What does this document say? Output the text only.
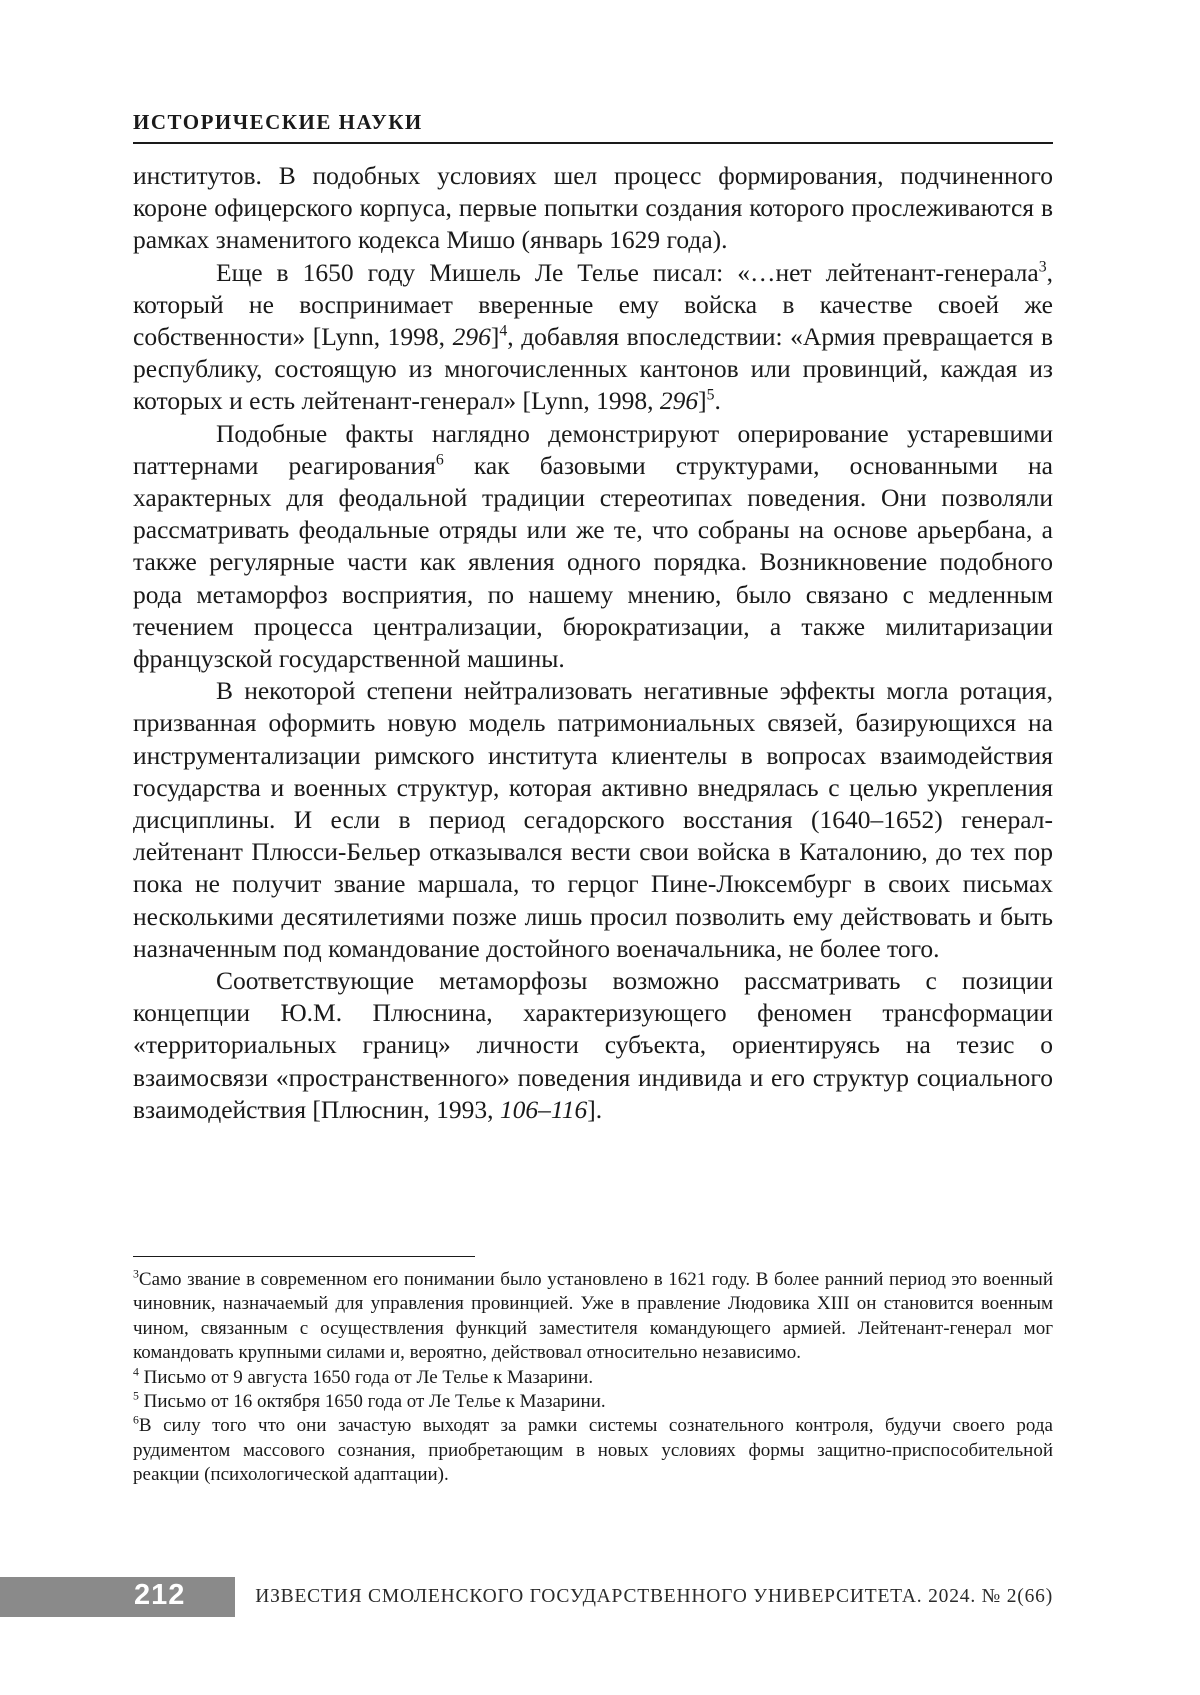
ИСТОРИЧЕСКИЕ НАУКИ

институтов. В подобных условиях шел процесс формирования, подчиненного короне офицерского корпуса, первые попытки создания которого прослеживаются в рамках знаменитого кодекса Мишо (январь 1629 года).

Еще в 1650 году Мишель Ле Телье писал: «…нет лейтенант-генерала$^3$, который не воспринимает вверенные ему войска в качестве своей же собственности» [Lynn, 1998, 296]$^4$, добавляя впоследствии: «Армия превращается в республику, состоящую из многочисленных кантонов или провинций, каждая из которых и есть лейтенант-генерал» [Lynn, 1998, 296]$^5$.

Подобные факты наглядно демонстрируют оперирование устаревшими паттернами реагирования$^6$ как базовыми структурами, основанными на характерных для феодальной традиции стереотипах поведения. Они позволяли рассматривать феодальные отряды или же те, что собраны на основе арьербана, а также регулярные части как явления одного порядка. Возникновение подобного рода метаморфоз восприятия, по нашему мнению, было связано с медленным течением процесса централизации, бюрократизации, а также милитаризации французской государственной машины.

В некоторой степени нейтрализовать негативные эффекты могла ротация, призванная оформить новую модель патримониальных связей, базирующихся на инструментализации римского института клиентелы в вопросах взаимодействия государства и военных структур, которая активно внедрялась с целью укрепления дисциплины. И если в период сегадорского восстания (1640–1652) генерал-лейтенант Плюсси-Бельер отказывался вести свои войска в Каталонию, до тех пор пока не получит звание маршала, то герцог Пине-Люксембург в своих письмах несколькими десятилетиями позже лишь просил позволить ему действовать и быть назначенным под командование достойного военачальника, не более того.

Соответствующие метаморфозы возможно рассматривать с позиции концепции Ю.М. Плюснина, характеризующего феномен трансформации «территориальных границ» личности субъекта, ориентируясь на тезис о взаимосвязи «пространственного» поведения индивида и его структур социального взаимодействия [Плюснин, 1993, 106–116].

$^3$Само звание в современном его понимании было установлено в 1621 году. В более ранний период это военный чиновник, назначаемый для управления провинцией. Уже в правление Людовика XIII он становится военным чином, связанным с осуществления функций заместителя командующего армией. Лейтенант-генерал мог командовать крупными силами и, вероятно, действовал относительно независимо.

$^4$ Письмо от 9 августа 1650 года от Ле Телье к Мазарини.

$^5$ Письмо от 16 октября 1650 года от Ле Телье к Мазарини.

$^6$В силу того что они зачастую выходят за рамки системы сознательного контроля, будучи своего рода рудиментом массового сознания, приобретающим в новых условиях формы защитно-приспособительной реакции (психологической адаптации).

212	ИЗВЕСТИЯ СМОЛЕНСКОГО ГОСУДАРСТВЕННОГО УНИВЕРСИТЕТА. 2024. № 2(66)
